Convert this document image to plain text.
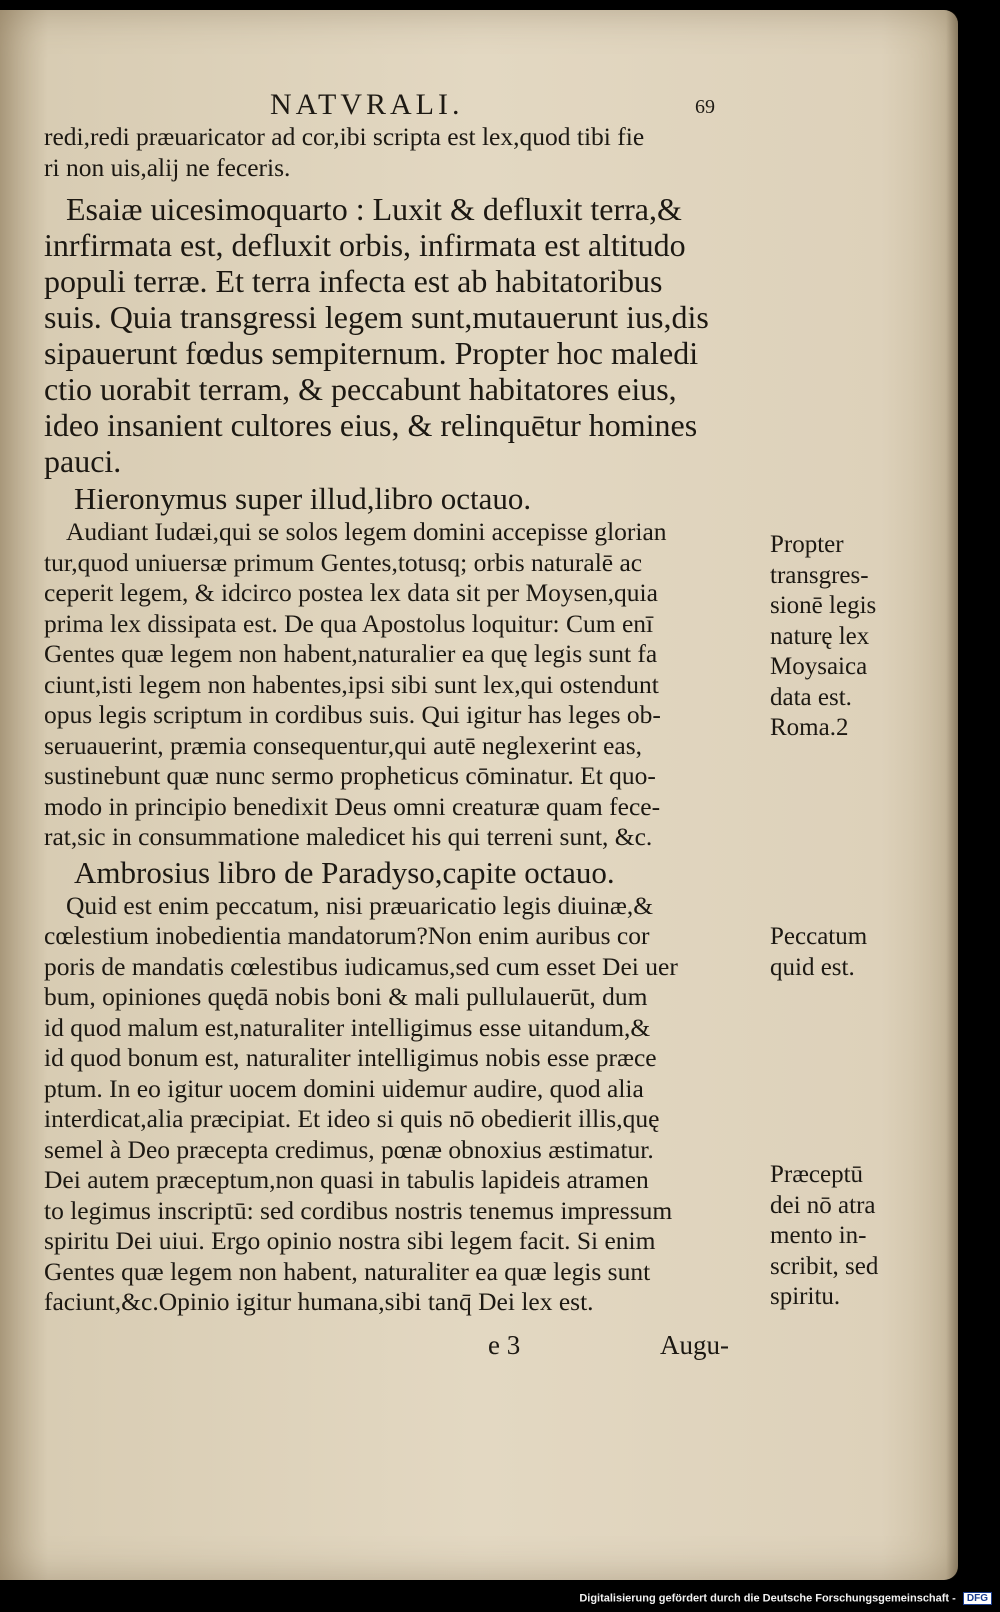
NATVRALI.	69
redi,redi præuaricator ad cor,ibi scripta est lex,quod tibi fie
ri non uis,alij ne feceris.
Esaiæ uicesimoquarto : Luxit & defluxit terra,&
inrfirmata est, defluxit orbis, infirmata est altitudo
populi terræ. Et terra infecta est ab habitatoribus
suis. Quia transgressi legem sunt,mutauerunt ius,dis
sipauerunt fœdus sempiternum. Propter hoc maledi
ctio uorabit terram, & peccabunt habitatores eius,
ideo insanient cultores eius, & relinquētur homines
pauci.
Hieronymus super illud,libro octauo.
Audiant Iudæi,qui se solos legem domini accepisse glorian
tur,quod uniuersæ primum Gentes,totusq; orbis naturalē ac
ceperit legem, & idcirco postea lex data sit per Moysen,quia
prima lex dissipata est. De qua Apostolus loquitur: Cum enī
Gentes quæ legem non habent,naturalier ea quę legis sunt fa
ciunt,isti legem non habentes,ipsi sibi sunt lex,qui ostendunt
opus legis scriptum in cordibus suis. Qui igitur has leges ob-
seruauerint, præmia consequentur,qui autē neglexerint eas,
sustinebunt quæ nunc sermo propheticus cōminatur. Et quo-
modo in principio benedixit Deus omni creaturæ quam fece-
rat,sic in consummatione maledicet his qui terreni sunt, &c.
Ambrosius libro de Paradyso,capite octauo.
Quid est enim peccatum, nisi præuaricatio legis diuinæ,&
cœlestium inobedientia mandatorum?Non enim auribus cor
poris de mandatis cœlestibus iudicamus,sed cum esset Dei uer
bum, opiniones quędā nobis boni & mali pullulauerūt, dum
id quod malum est,naturaliter intelligimus esse uitandum,&
id quod bonum est, naturaliter intelligimus nobis esse præce
ptum. In eo igitur uocem domini uidemur audire, quod alia
interdicat,alia præcipiat. Et ideo si quis nō obedierit illis,quę
semel à Deo præcepta credimus, pœnæ obnoxius æstimatur.
Dei autem præceptum,non quasi in tabulis lapideis atramen
to legimus inscriptū: sed cordibus nostris tenemus impressum
spiritu Dei uiui. Ergo opinio nostra sibi legem facit. Si enim
Gentes quæ legem non habent, naturaliter ea quæ legis sunt
faciunt,&c.Opinio igitur humana,sibi tanq̄ Dei lex est.
Propter
transgres-
sionē legis
naturę lex
Moysaica
data est.
Roma.2
Peccatum
quid est.
Præceptū
dei nō atra
mento in-
scribit, sed
spiritu.
e 3	Augu-
Digitalisierung gefördert durch die Deutsche Forschungsgemeinschaft - DFG
